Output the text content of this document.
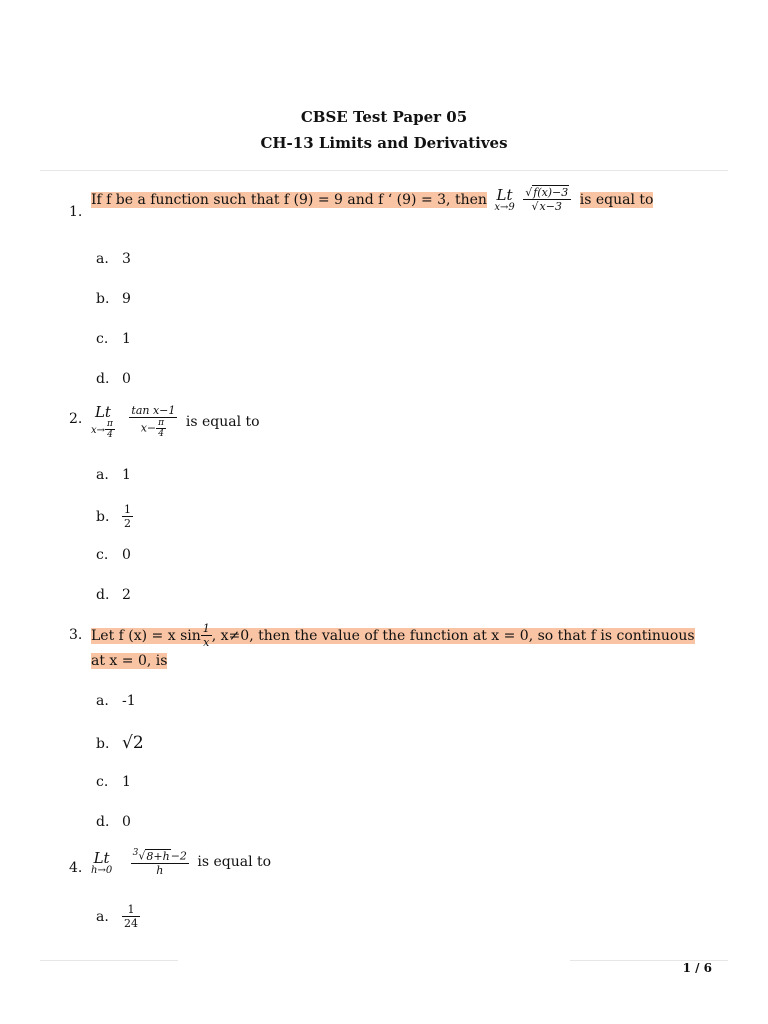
CBSE Test Paper 05
CH-13 Limits and Derivatives
1.
If f be a function such that f (9) = 9 and f ‘ (9) = 3, then Lt
x→9
$\frac{√f(x)-3}{√x-3}$ is equal to
a. 3
b. 9
c. 1
d. 0
2. Lt
$x\to \frac{\pi}{4}$
$\frac{\text{tan x−1}}{x- \frac{\pi}{4}}$ is equal to
a. 1
b. $\frac{1}{2}$
c. 0
d. 2
3. Let f (x) = x $\sin \frac{1}{x}$ , x≠0, then the value of the function at x = 0, so that f is continuous
at x = 0, is
a. -1
b. √2
c. 1
d. 0
4.
Lt
h→0
$\frac{^3√8+h-2}{h}$ is equal to
a. $\frac{1}{24}$
1 / 6
